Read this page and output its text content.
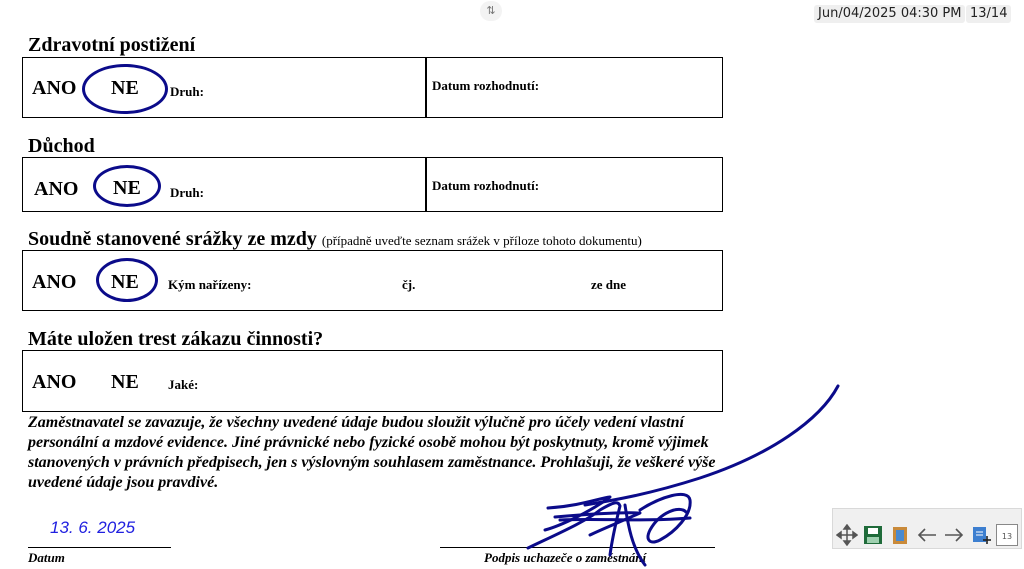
⇅	Jun/04/2025 04:30 PM 13/14
Zdravotní postižení
ANO NE Druh:	Datum rozhodnutí:
Důchod
ANO NE Druh:	Datum rozhodnutí:
Soudně stanovené srážky ze mzdy (případně uveďte seznam srážek v příloze tohoto dokumentu)
ANO NE Kým nařízeny:	čj.	ze dne
Máte uložen trest zákazu činnosti?
ANO NE Jaké:
Zaměstnavatel se zavazuje, že všechny uvedené údaje budou sloužit výlučně pro účely vedení vlastní personální a mzdové evidence. Jiné právnické nebo fyzické osobě mohou být poskytnuty, kromě výjimek stanovených v právních předpisech, jen s výslovným souhlasem zaměstnance. Prohlašuji, že veškeré výše uvedené údaje jsou pravdivé.
13. 6. 2025
Datum	Podpis uchazeče o zaměstnání
13
